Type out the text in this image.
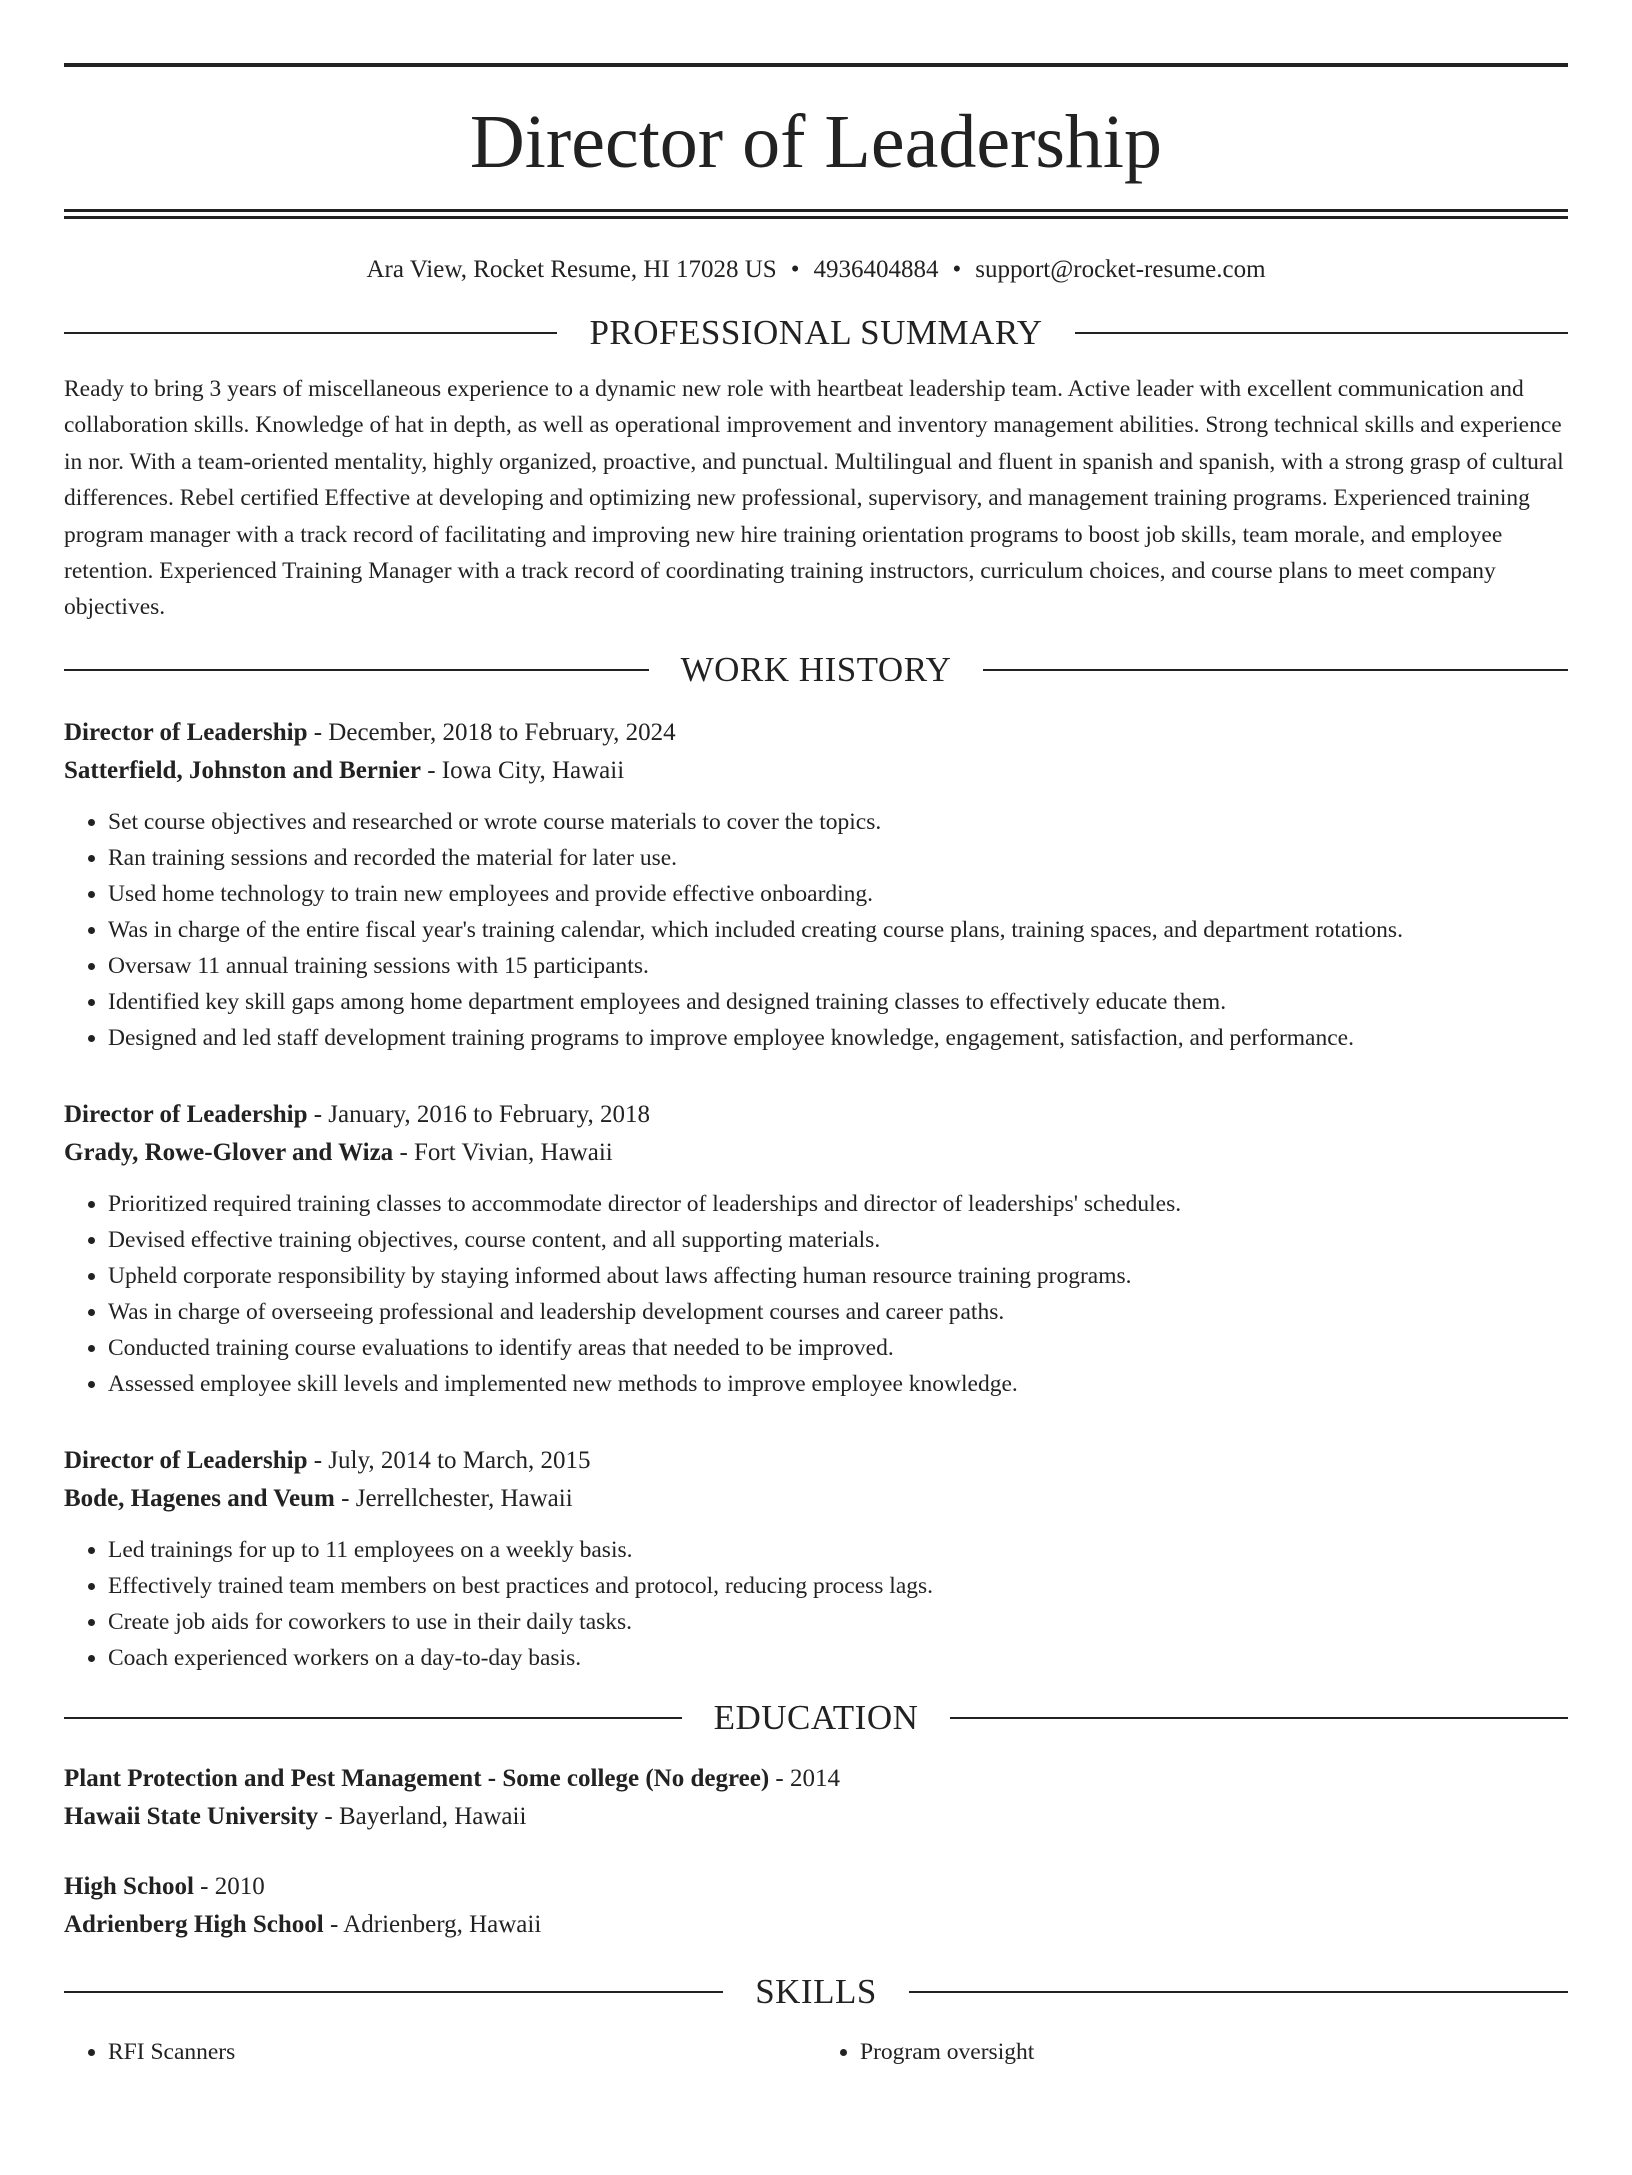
Director of Leadership
Ara View, Rocket Resume, HI 17028 US • 4936404884 • support@rocket-resume.com
PROFESSIONAL SUMMARY
Ready to bring 3 years of miscellaneous experience to a dynamic new role with heartbeat leadership team. Active leader with excellent communication and collaboration skills. Knowledge of hat in depth, as well as operational improvement and inventory management abilities. Strong technical skills and experience in nor. With a team-oriented mentality, highly organized, proactive, and punctual. Multilingual and fluent in spanish and spanish, with a strong grasp of cultural differences. Rebel certified Effective at developing and optimizing new professional, supervisory, and management training programs. Experienced training program manager with a track record of facilitating and improving new hire training orientation programs to boost job skills, team morale, and employee retention. Experienced Training Manager with a track record of coordinating training instructors, curriculum choices, and course plans to meet company objectives.
WORK HISTORY
Director of Leadership - December, 2018 to February, 2024
Satterfield, Johnston and Bernier - Iowa City, Hawaii
• Set course objectives and researched or wrote course materials to cover the topics.
• Ran training sessions and recorded the material for later use.
• Used home technology to train new employees and provide effective onboarding.
• Was in charge of the entire fiscal year's training calendar, which included creating course plans, training spaces, and department rotations.
• Oversaw 11 annual training sessions with 15 participants.
• Identified key skill gaps among home department employees and designed training classes to effectively educate them.
• Designed and led staff development training programs to improve employee knowledge, engagement, satisfaction, and performance.
Director of Leadership - January, 2016 to February, 2018
Grady, Rowe-Glover and Wiza - Fort Vivian, Hawaii
• Prioritized required training classes to accommodate director of leaderships and director of leaderships' schedules.
• Devised effective training objectives, course content, and all supporting materials.
• Upheld corporate responsibility by staying informed about laws affecting human resource training programs.
• Was in charge of overseeing professional and leadership development courses and career paths.
• Conducted training course evaluations to identify areas that needed to be improved.
• Assessed employee skill levels and implemented new methods to improve employee knowledge.
Director of Leadership - July, 2014 to March, 2015
Bode, Hagenes and Veum - Jerrellchester, Hawaii
• Led trainings for up to 11 employees on a weekly basis.
• Effectively trained team members on best practices and protocol, reducing process lags.
• Create job aids for coworkers to use in their daily tasks.
• Coach experienced workers on a day-to-day basis.
EDUCATION
Plant Protection and Pest Management - Some college (No degree) - 2014
Hawaii State University - Bayerland, Hawaii
High School - 2010
Adrienberg High School - Adrienberg, Hawaii
SKILLS
• RFI Scanners
•	Program oversight
